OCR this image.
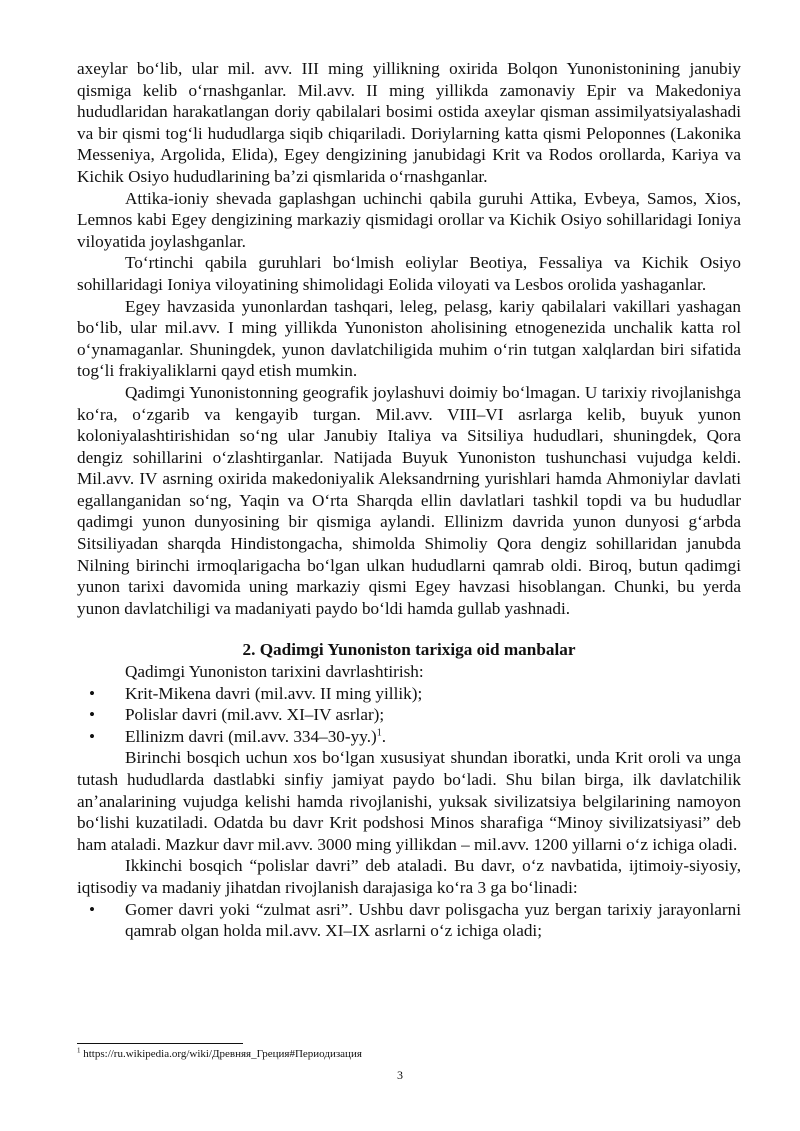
axeylar boʻlib, ular mil. avv. III ming yillikning oxirida Bolqon Yunonistonining janubiy qismiga kelib oʻrnashganlar. Mil.avv. II ming yillikda zamonaviy Epir va Makedoniya hududlaridan harakatlangan doriy qabilalari bosimi ostida axeylar qisman assimilyatsiyalashadi va bir qismi togʻli hududlarga siqib chiqariladi. Doriylarning katta qismi Peloponnes (Lakonika Messeniya, Argolida, Elida), Egey dengizining janubidagi Krit va Rodos orollarda, Kariya va Kichik Osiyo hududlarining baʼzi qismlarida oʻrnashganlar.

Attika-ioniy shevada gaplashgan uchinchi qabila guruhi Attika, Evbeya, Samos, Xios, Lemnos kabi Egey dengizining markaziy qismidagi orollar va Kichik Osiyo sohillaridagi Ioniya viloyatida joylashganlar.

Toʻrtinchi qabila guruhlari boʻlmish eoliylar Beotiya, Fessaliya va Kichik Osiyo sohillaridagi Ioniya viloyatining shimolidagi Eolida viloyati va Lesbos orolida yashaganlar.

Egey havzasida yunonlardan tashqari, leleg, pelasg, kariy qabilalari vakillari yashagan boʻlib, ular mil.avv. I ming yillikda Yunoniston aholisining etnogenezida unchalik katta rol oʻynamaganlar. Shuningdek, yunon davlatchiligida muhim oʻrin tutgan xalqlardan biri sifatida togʻli frakiyaliklarni qayd etish mumkin.

Qadimgi Yunonistonning geografik joylashuvi doimiy boʻlmagan. U tarixiy rivojlanishga koʻra, oʻzgarib va kengayib turgan. Mil.avv. VIII–VI asrlarga kelib, buyuk yunon koloniyalashtirishidan soʻng ular Janubiy Italiya va Sitsiliya hududlari, shuningdek, Qora dengiz sohillarini oʻzlashtirganlar. Natijada Buyuk Yunoniston tushunchasi vujudga keldi. Mil.avv. IV asrning oxirida makedoniyalik Aleksandrning yurishlari hamda Ahmoniylar davlati egallanganidan soʻng, Yaqin va Oʻrta Sharqda ellin davlatlari tashkil topdi va bu hududlar qadimgi yunon dunyosining bir qismiga aylandi. Ellinizm davrida yunon dunyosi gʻarbda Sitsiliyadan sharqda Hindistongacha, shimolda Shimoliy Qora dengiz sohillaridan janubda Nilning birinchi irmoqlarigacha boʻlgan ulkan hududlarni qamrab oldi. Biroq, butun qadimgi yunon tarixi davomida uning markaziy qismi Egey havzasi hisoblangan. Chunki, bu yerda yunon davlatchiligi va madaniyati paydo boʻldi hamda gullab yashnadi.

2. Qadimgi Yunoniston tarixiga oid manbalar

Qadimgi Yunoniston tarixini davrlashtirish:

• Krit-Mikena davri (mil.avv. II ming yillik);
• Polislar davri (mil.avv. XI–IV asrlar);
• Ellinizm davri (mil.avv. 334–30-yy.)$^1$.

Birinchi bosqich uchun xos boʻlgan xususiyat shundan iboratki, unda Krit oroli va unga tutash hududlarda dastlabki sinfiy jamiyat paydo boʻladi. Shu bilan birga, ilk davlatchilik anʼanalarining vujudga kelishi hamda rivojlanishi, yuksak sivilizatsiya belgilarining namoyon boʻlishi kuzatiladi. Odatda bu davr Krit podshosi Minos sharafiga “Minoy sivilizatsiyasi” deb ham ataladi. Mazkur davr mil.avv. 3000 ming yillikdan – mil.avv. 1200 yillarni oʻz ichiga oladi.

Ikkinchi bosqich “polislar davri” deb ataladi. Bu davr, oʻz navbatida, ijtimoiy-siyosiy, iqtisodiy va madaniy jihatdan rivojlanish darajasiga koʻra 3 ga boʻlinadi:

• Gomer davri yoki “zulmat asri”. Ushbu davr polisgacha yuz bergan tarixiy jarayonlarni qamrab olgan holda mil.avv. XI–IX asrlarni oʻz ichiga oladi;
$^1$ https://ru.wikipedia.org/wiki/Древняя_Греция#Периодизация
3
